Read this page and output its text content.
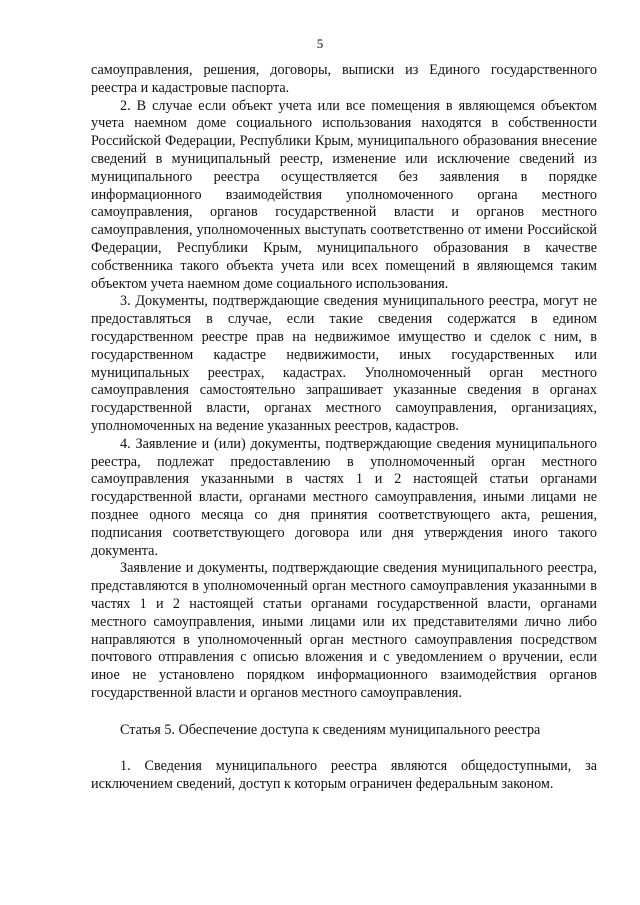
5

самоуправления, решения, договоры, выписки из Единого государственного реестра и кадастровые паспорта.

2. В случае если объект учета или все помещения в являющемся объектом учета наемном доме социального использования находятся в собственности Российской Федерации, Республики Крым, муниципального образования внесение сведений в муниципальный реестр, изменение или исключение сведений из муниципального реестра осуществляется без заявления в порядке информационного взаимодействия уполномоченного органа местного самоуправления, органов государственной власти и органов местного самоуправления, уполномоченных выступать соответственно от имени Российской Федерации, Республики Крым, муниципального образования в качестве собственника такого объекта учета или всех помещений в являющемся таким объектом учета наемном доме социального использования.

3. Документы, подтверждающие сведения муниципального реестра, могут не предоставляться в случае, если такие сведения содержатся в едином государственном реестре прав на недвижимое имущество и сделок с ним, в государственном кадастре недвижимости, иных государственных или муниципальных реестрах, кадастрах. Уполномоченный орган местного самоуправления самостоятельно запрашивает указанные сведения в органах государственной власти, органах местного самоуправления, организациях, уполномоченных на ведение указанных реестров, кадастров.

4. Заявление и (или) документы, подтверждающие сведения муниципального реестра, подлежат предоставлению в уполномоченный орган местного самоуправления указанными в частях 1 и 2 настоящей статьи органами государственной власти, органами местного самоуправления, иными лицами не позднее одного месяца со дня принятия соответствующего акта, решения, подписания соответствующего договора или дня утверждения иного такого документа.

Заявление и документы, подтверждающие сведения муниципального реестра, представляются в уполномоченный орган местного самоуправления указанными в частях 1 и 2 настоящей статьи органами государственной власти, органами местного самоуправления, иными лицами или их представителями лично либо направляются в уполномоченный орган местного самоуправления посредством почтового отправления с описью вложения и с уведомлением о вручении, если иное не установлено порядком информационного взаимодействия органов государственной власти и органов местного самоуправления.

Статья 5. Обеспечение доступа к сведениям муниципального реестра

1. Сведения муниципального реестра являются общедоступными, за исключением сведений, доступ к которым ограничен федеральным законом.
